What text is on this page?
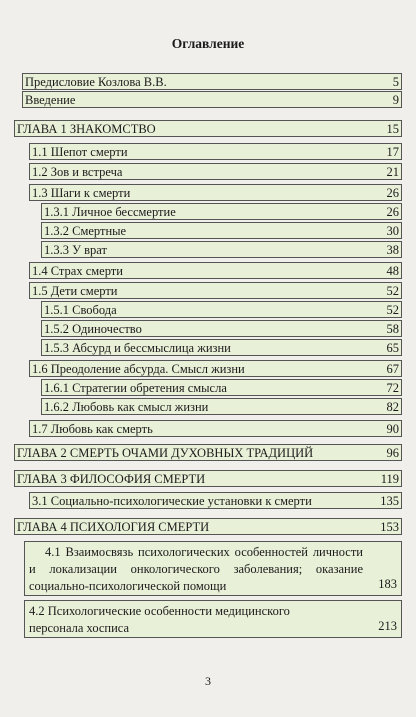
Оглавление
Предисловие Козлова В.В.	5
Введение	9
ГЛАВА 1 ЗНАКОМСТВО	15
1.1 Шепот смерти	17
1.2 Зов и встреча	21
1.3 Шаги к смерти	26
1.3.1 Личное бессмертие	26
1.3.2 Смертные	30
1.3.3 У врат	38
1.4 Страх смерти	48
1.5 Дети смерти	52
1.5.1 Свобода	52
1.5.2 Одиночество	58
1.5.3 Абсурд и бессмыслица жизни	65
1.6 Преодоление абсурда. Смысл жизни	67
1.6.1 Стратегии обретения смысла	72
1.6.2 Любовь как смысл жизни	82
1.7 Любовь как смерть	90
ГЛАВА 2 СМЕРТЬ ОЧАМИ ДУХОВНЫХ ТРАДИЦИЙ	96
ГЛАВА 3 ФИЛОСОФИЯ СМЕРТИ	119
3.1 Социально-психологические установки к смерти	135
ГЛАВА 4 ПСИХОЛОГИЯ СМЕРТИ	153
4.1 Взаимосвязь психологических особенностей личности и локализации онкологического заболевания; оказание социально-психологической помощи	183
4.2 Психологические особенности медицинского персонала хосписа	213
3
